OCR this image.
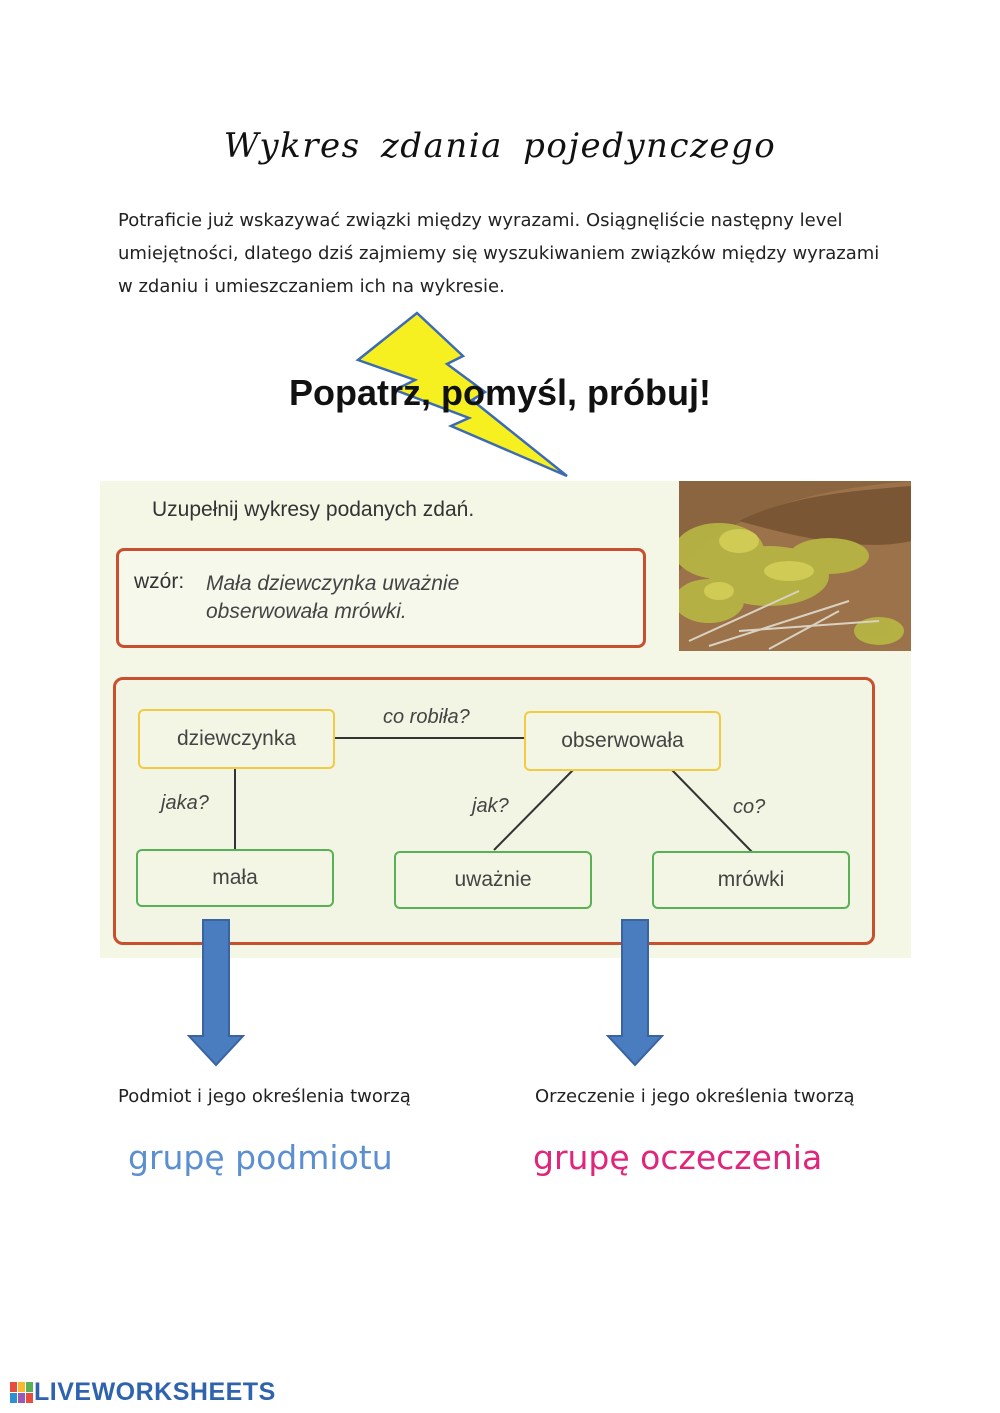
Wykres zdania pojedynczego
Potraficie już wskazywać związki między wyrazami. Osiągnęliście następny level umiejętności, dlatego dziś zajmiemy się wyszukiwaniem związków między wyrazami w zdaniu i umieszczaniem ich na wykresie.
Popatrz, pomyśl, próbuj!
Uzupełnij wykresy podanych zdań.
wzór: Mała dziewczynka uważnie obserwowała mrówki.
dziewczynka	obserwowała
mała	uważnie	mrówki
co robiła?
jaka?	jak?	co?
Podmiot i jego określenia tworzą	Orzeczenie i jego określenia tworzą
grupę podmiotu	grupę oczeczenia
LIVEWORKSHEETS
